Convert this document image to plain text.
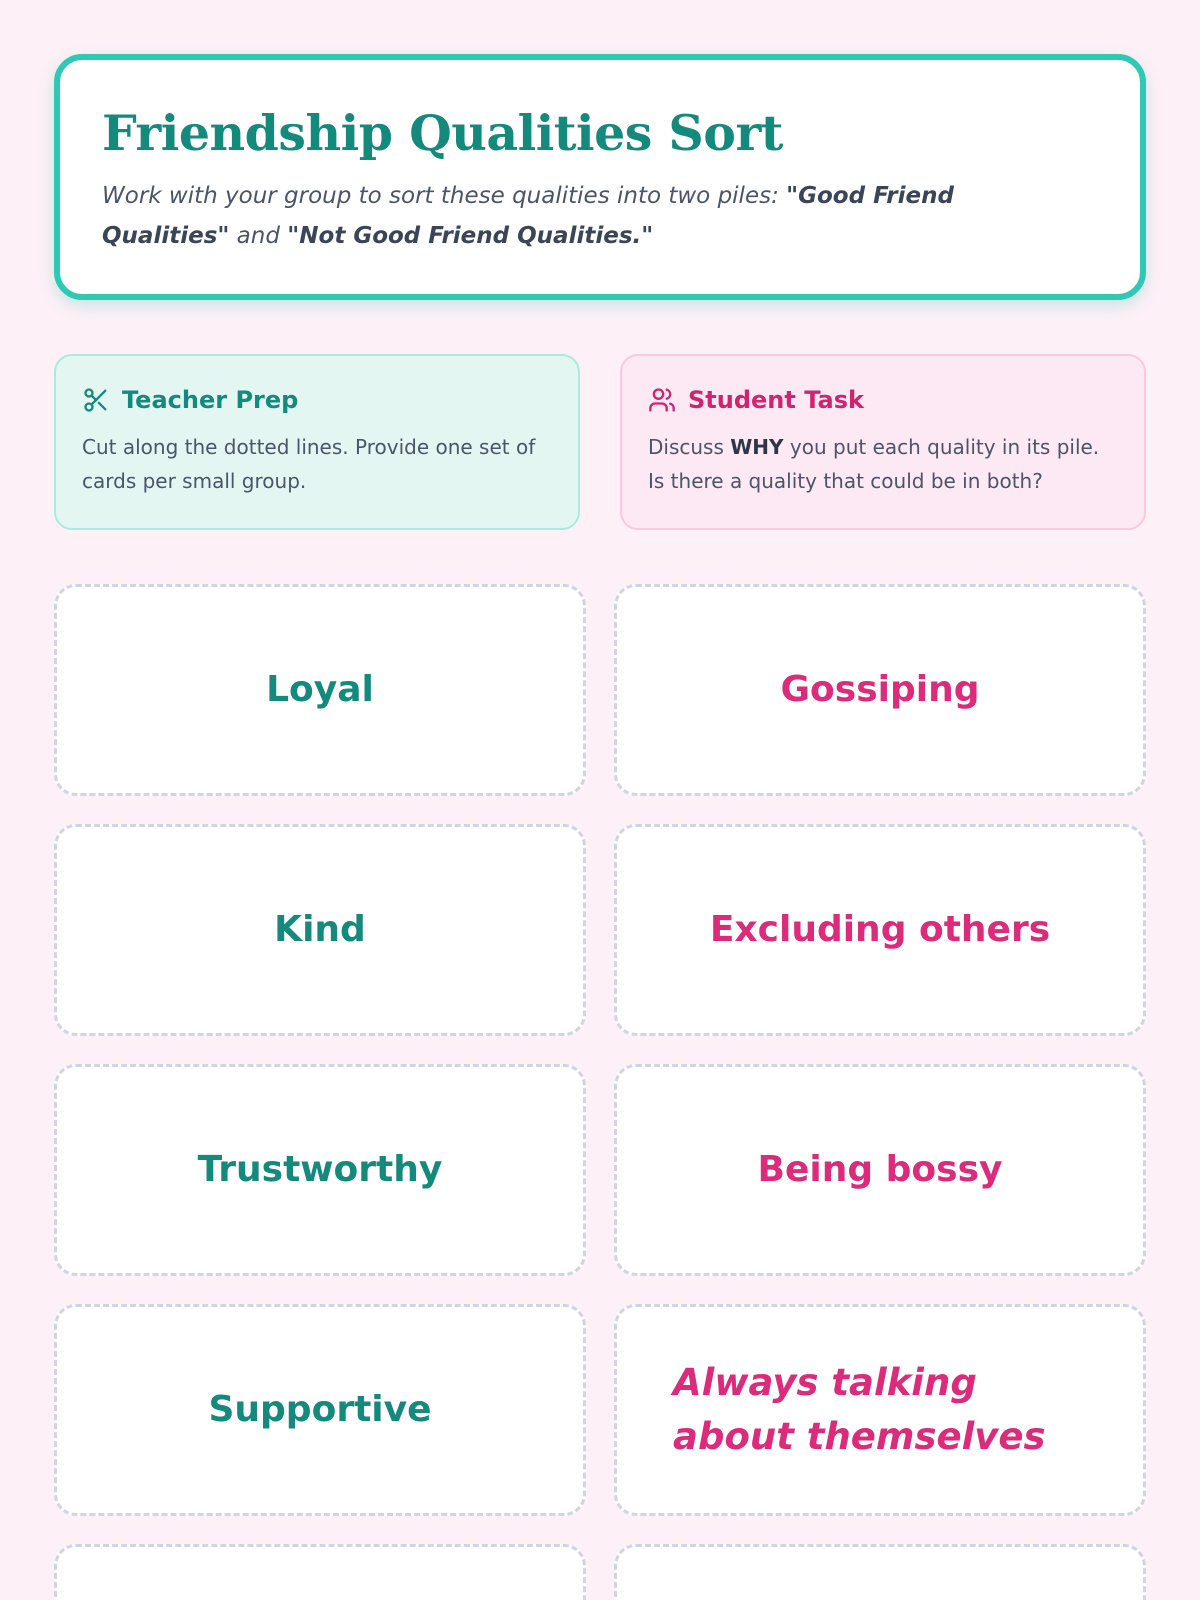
Friendship Qualities Sort

Work with your group to sort these qualities into two piles: "Good Friend Qualities" and "Not Good Friend Qualities."

Teacher Prep

Cut along the dotted lines. Provide one set of cards per small group.

Student Task

Discuss WHY you put each quality in its pile. Is there a quality that could be in both?

Loyal	Gossiping
Kind	Excluding others
Trustworthy	Being bossy
Supportive
Always talking about themselves
